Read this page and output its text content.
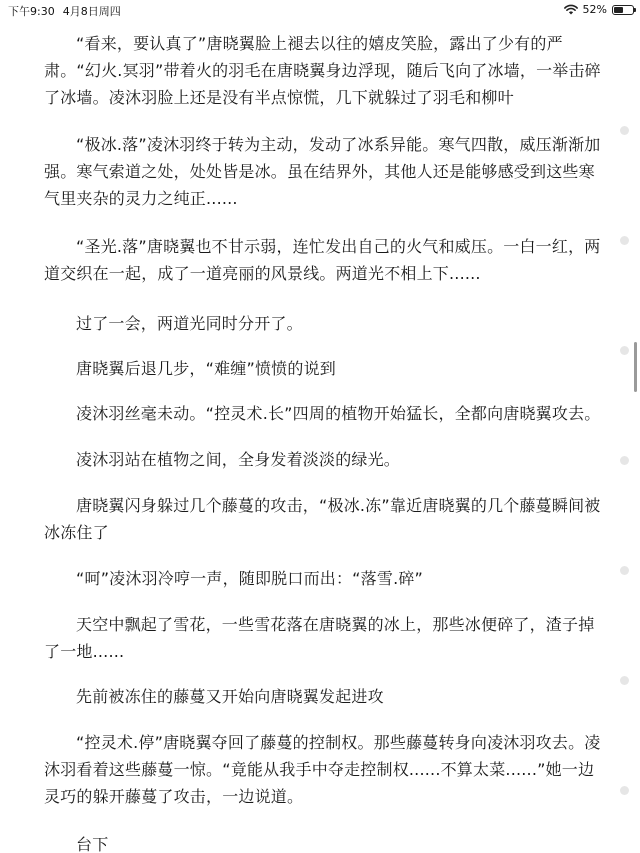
下午9:30 4月8日周四	52%

“看来，要认真了”唐晓翼脸上褪去以往的嬉皮笑脸，露出了少有的严肃。“幻火.冥羽”带着火的羽毛在唐晓翼身边浮现，随后飞向了冰墙，一举击碎了冰墙。凌沐羽脸上还是没有半点惊慌，几下就躲过了羽毛和柳叶

“极冰.落”凌沐羽终于转为主动，发动了冰系异能。寒气四散，威压渐渐加强。寒气索道之处，处处皆是冰。虽在结界外，其他人还是能够感受到这些寒气里夹杂的灵力之纯正......

“圣光.落”唐晓翼也不甘示弱，连忙发出自己的火气和威压。一白一红，两道交织在一起，成了一道亮丽的风景线。两道光不相上下......

过了一会，两道光同时分开了。

唐晓翼后退几步，“难缠”愤愤的说到

凌沐羽丝毫未动。“控灵术.长”四周的植物开始猛长，全都向唐晓翼攻去。

凌沐羽站在植物之间，全身发着淡淡的绿光。

唐晓翼闪身躲过几个藤蔓的攻击，“极冰.冻”靠近唐晓翼的几个藤蔓瞬间被冰冻住了

“呵”凌沐羽冷哼一声，随即脱口而出：“落雪.碎”

天空中飘起了雪花，一些雪花落在唐晓翼的冰上，那些冰便碎了，渣子掉了一地......

先前被冻住的藤蔓又开始向唐晓翼发起进攻

“控灵术.停”唐晓翼夺回了藤蔓的控制权。那些藤蔓转身向凌沐羽攻去。凌沐羽看着这些藤蔓一惊。“竟能从我手中夺走控制权......不算太菜......”她一边灵巧的躲开藤蔓了攻击，一边说道。

台下
